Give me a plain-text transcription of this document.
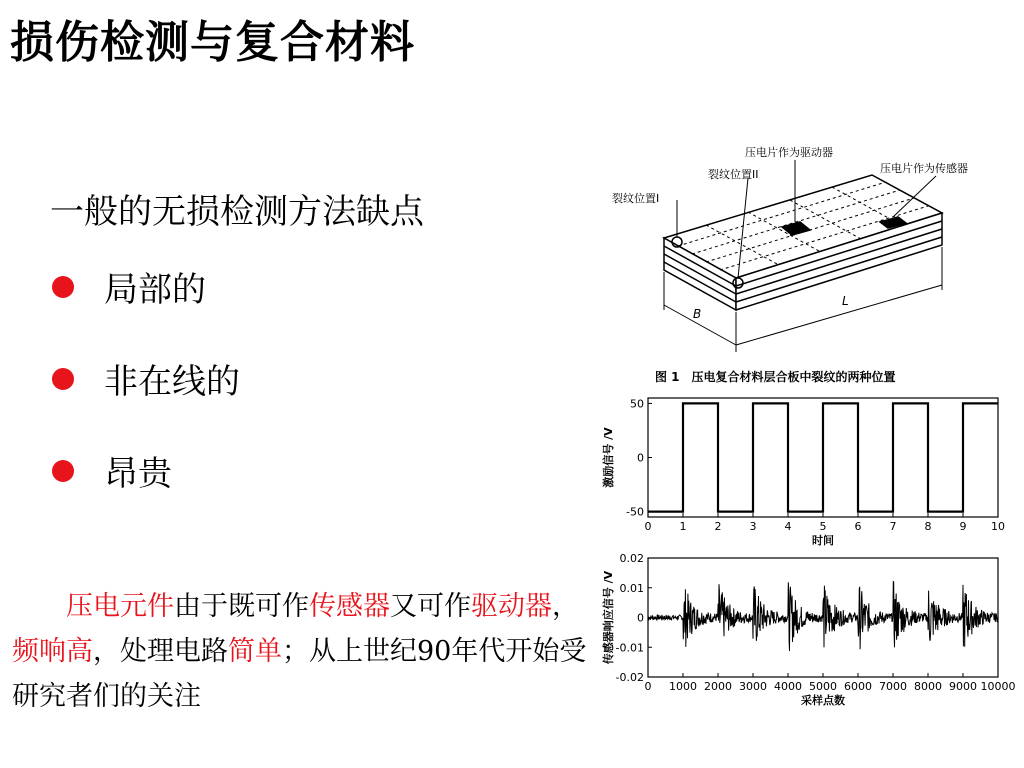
损伤检测与复合材料
一般的无损检测方法缺点
局部的
非在线的
昂贵
　　压电元件由于既可作传感器又可作驱动器，频响高，处理电路简单；从上世纪90年代开始受研究者们的关注
压电片作为驱动器
压电片作为传感器
裂纹位置II
裂纹位置I
B
L
图 1　压电复合材料层合板中裂纹的两种位置
0	1	2	3	4	5	6	7	8	9 10
50
0
-50
时间
激励信号 /V
0 1000 2000 3000 4000 5000 6000 7000 8000 9000 10000
0.02
0.01
0
-0.01
-0.02
采样点数
传感器响应信号 /V
